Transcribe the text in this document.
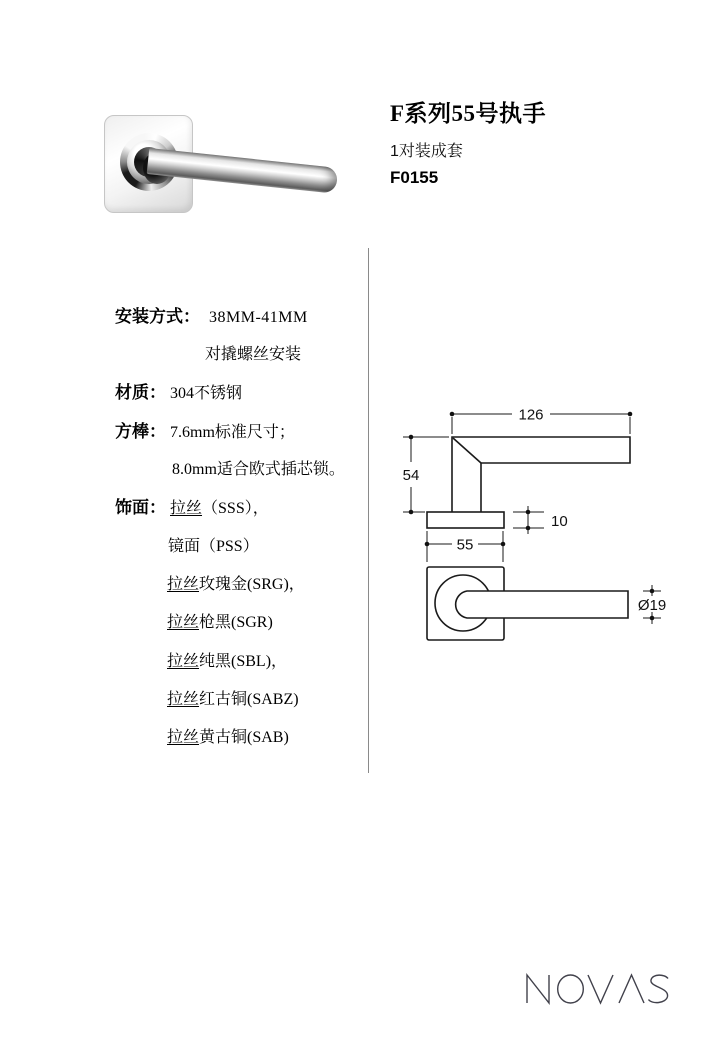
F系列55号执手
1对装成套
F0155
安装方式： 38MM-41MM
对撬螺丝安装
材质： 304不锈钢
方棒： 7.6mm标准尺寸；
8.0mm适合欧式插芯锁。
饰面： 拉丝（SSS），
镜面（PSS）
拉丝玫瑰金(SRG)，
拉丝枪黑(SGR)
拉丝纯黑(SBL)，
拉丝红古铜(SABZ)
拉丝黄古铜(SAB)
126
54
10
55
Ø19
